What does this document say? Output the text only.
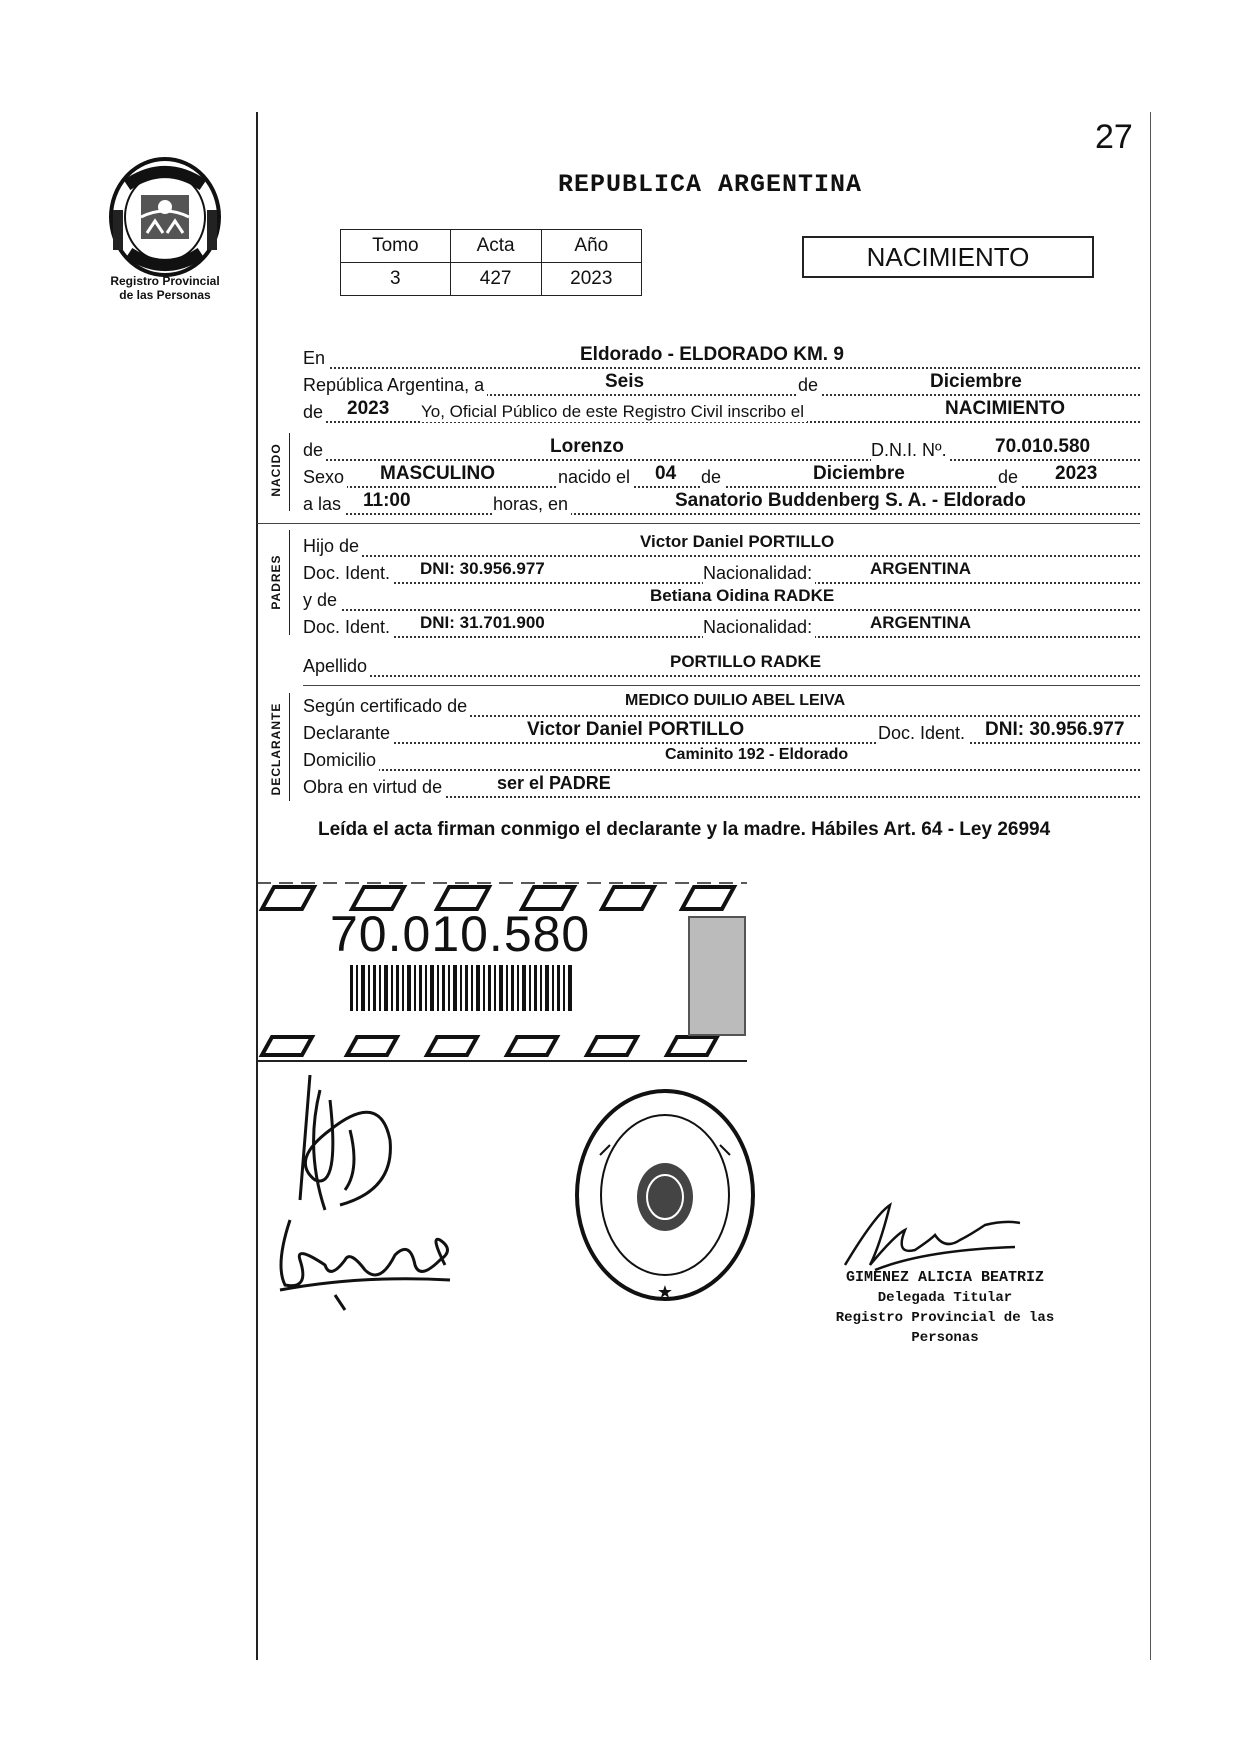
27
Registro Provincial
de las Personas
REPUBLICA ARGENTINA
Tomo	Acta	Año
3	427	2023
NACIMIENTO
En	Eldorado - ELDORADO KM. 9
República Argentina, a	Seis	de	Diciembre
de 2023 Yo, Oficial Público de este Registro Civil inscribo el	NACIMIENTO
NACIDO de	Lorenzo	D.N.I. Nº.	70.010.580
Sexo MASCULINO	nacido el 04 de	Diciembre	de 2023
a las 11:00	horas, en	Sanatorio Buddenberg S. A. - Eldorado
PADRES
Hijo de	Victor Daniel PORTILLO
Doc. Ident. DNI: 30.956.977	Nacionalidad:	ARGENTINA
y de	Betiana Oidina RADKE
Doc. Ident. DNI: 31.701.900	Nacionalidad:	ARGENTINA
Apellido	PORTILLO RADKE
DECLARANTE Según certificado de	MEDICO DUILIO ABEL LEIVA
Declarante	Victor Daniel PORTILLO	Doc. Ident. DNI: 30.956.977
Domicilio	Caminito 192 - Eldorado
Obra en virtud de	ser el PADRE
Leída el acta firman conmigo el declarante y la madre. Hábiles Art. 64 - Ley 26994
70.010.580
★
GIMENEZ ALICIA BEATRIZ
Delegada Titular
Registro Provincial de las Personas
